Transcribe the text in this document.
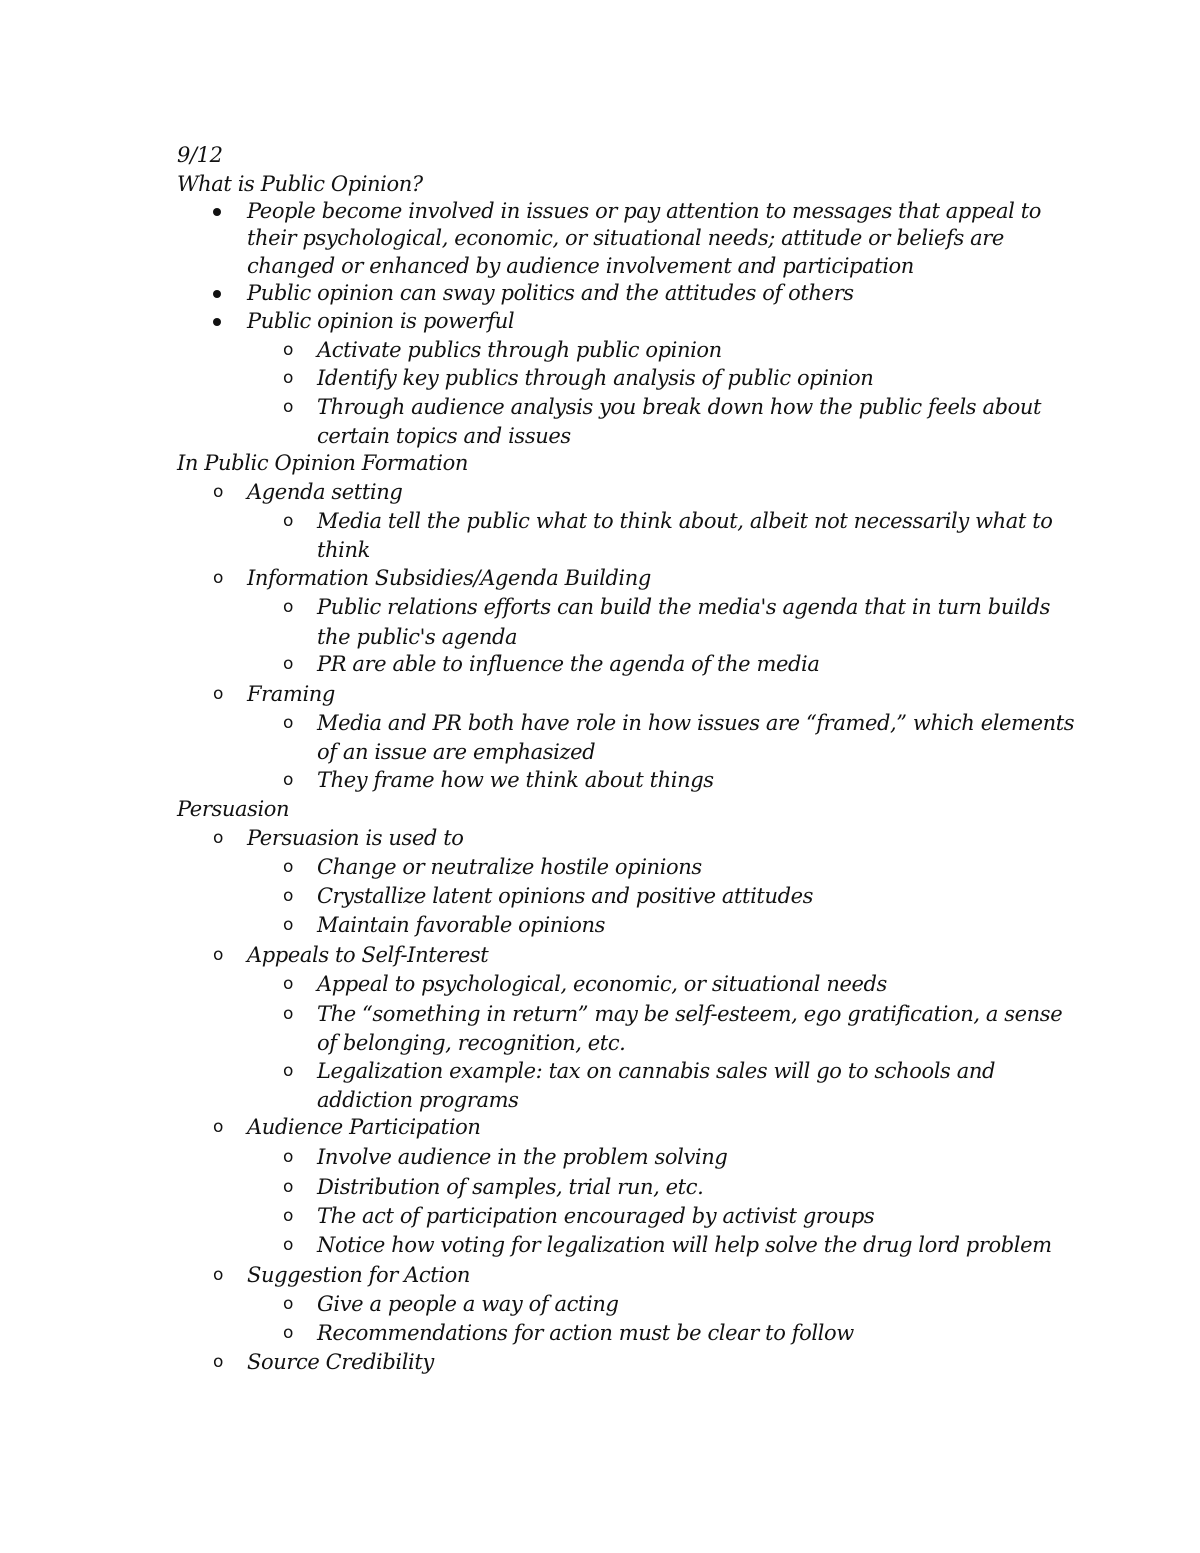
9/12
What is Public Opinion?
People become involved in issues or pay attention to messages that appeal to
their psychological, economic, or situational needs; attitude or beliefs are
changed or enhanced by audience involvement and participation
Public opinion can sway politics and the attitudes of others
Public opinion is powerful
o Activate publics through public opinion
o Identify key publics through analysis of public opinion
o Through audience analysis you break down how the public feels about
certain topics and issues
In Public Opinion Formation
o Agenda setting
o Media tell the public what to think about, albeit not necessarily what to
think
o Information Subsidies/Agenda Building
o Public relations efforts can build the media's agenda that in turn builds
the public's agenda
o PR are able to influence the agenda of the media
o Framing
o Media and PR both have role in how issues are “framed,” which elements
of an issue are emphasized
o They frame how we think about things
Persuasion
o Persuasion is used to
o Change or neutralize hostile opinions
o Crystallize latent opinions and positive attitudes
o Maintain favorable opinions
o Appeals to Self-Interest
o Appeal to psychological, economic, or situational needs
o The “something in return” may be self-esteem, ego gratification, a sense
of belonging, recognition, etc.
o Legalization example: tax on cannabis sales will go to schools and
addiction programs
o Audience Participation
o Involve audience in the problem solving
o Distribution of samples, trial run, etc.
o The act of participation encouraged by activist groups
o Notice how voting for legalization will help solve the drug lord problem
o Suggestion for Action
o Give a people a way of acting
o Recommendations for action must be clear to follow
o Source Credibility
